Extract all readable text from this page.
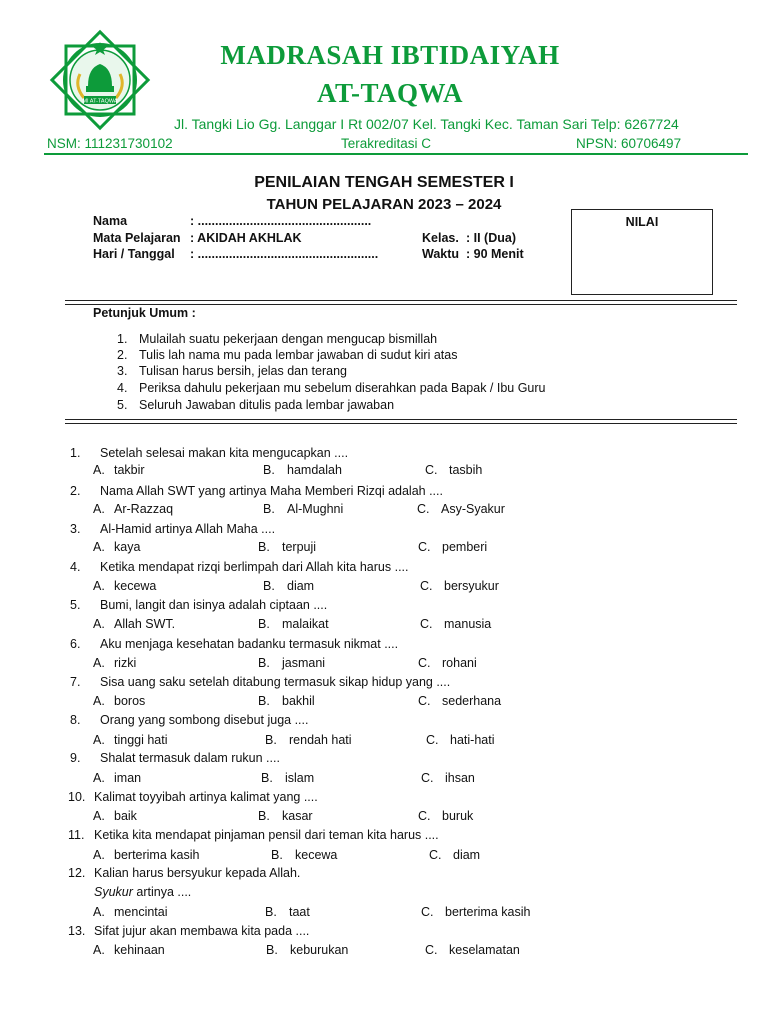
MI AT-TAQWA
MADRASAH IBTIDAIYAH
AT-TAQWA
Jl. Tangki Lio Gg. Langgar I Rt 002/07 Kel. Tangki Kec. Taman Sari Telp: 6267724
NSM: 111231730102	Terakreditasi C	NPSN: 60706497
PENILAIAN TENGAH SEMESTER I
TAHUN PELAJARAN 2023 – 2024
Nama	: ..................................................
Mata Pelajaran : AKIDAH AKHLAK
Hari / Tanggal : ....................................................
Kelas. : II (Dua)
Waktu : 90 Menit
NILAI
Petunjuk Umum :
1. Mulailah suatu pekerjaan dengan mengucap bismillah
2. Tulis lah nama mu pada lembar jawaban di sudut kiri atas
3. Tulisan harus bersih, jelas dan terang
4. Periksa dahulu pekerjaan mu sebelum diserahkan pada Bapak / Ibu Guru
5. Seluruh Jawaban ditulis pada lembar jawaban
1. Setelah selesai makan kita mengucapkan ....
A. takbir	B. hamdalah	C. tasbih
2. Nama Allah SWT yang artinya Maha Memberi Rizqi adalah ....
A. Ar-Razzaq	B. Al-Mughni	C. Asy-Syakur
3. Al-Hamid artinya Allah Maha ....
A. kaya	B. terpuji	C. pemberi
4. Ketika mendapat rizqi berlimpah dari Allah kita harus ....
A. kecewa	B. diam	C. bersyukur
5. Bumi, langit dan isinya adalah ciptaan ....
A. Allah SWT.	B. malaikat	C. manusia
6. Aku menjaga kesehatan badanku termasuk nikmat ....
A. rizki	B. jasmani	C. rohani
7. Sisa uang saku setelah ditabung termasuk sikap hidup yang ....
A. boros	B. bakhil	C. sederhana
8. Orang yang sombong disebut juga ....
A. tinggi hati	B. rendah hati	C. hati-hati
9. Shalat termasuk dalam rukun ....
A. iman	B. islam	C. ihsan
10. Kalimat toyyibah artinya kalimat yang ....
A. baik	B. kasar	C. buruk
11. Ketika kita mendapat pinjaman pensil dari teman kita harus ....
A. berterima kasih	B. kecewa	C. diam
12. Kalian harus bersyukur kepada Allah.
Syukur artinya ....
A. mencintai	B. taat	C. berterima kasih
13. Sifat jujur akan membawa kita pada ....
A. kehinaan	B. keburukan	C. keselamatan
